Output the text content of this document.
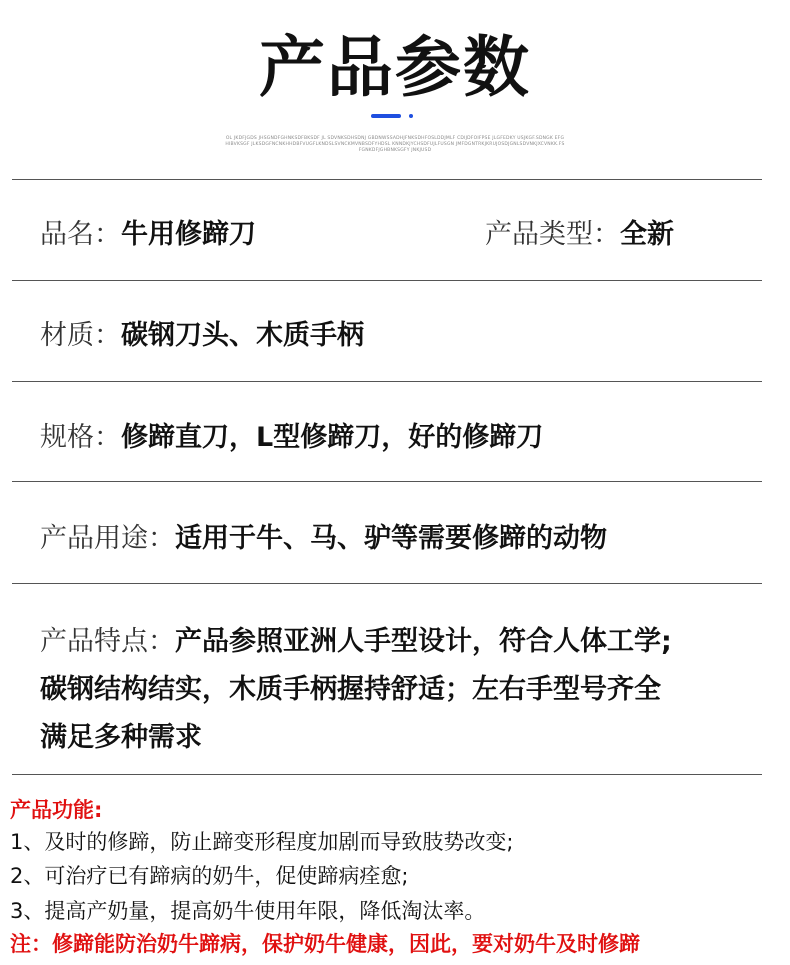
产品参数
OL JKDFJGDS JHSGNDFGHNKSDFBKSDF JL SDVNKSDHSDNJ GBDNWSSADHJFNKSDHFOSLDDJMLF CDIJDFOIFPSE JLGFEDKY USJKGF.SDNGK EFGHIBVKSGF JLKSDGFNCNKHHDBFVUGFLKNDSLSVNCKMVNBSDFYHDSL KNNDKJYCHSDFUJLFUSGN JMFDGNTRKJKRUJOSDJGNLSDVNKJXCVNKK.FSFGNKDFJGHBNKSGFY JNKJUSD
品名：牛用修蹄刀	产品类型：全新
材质：碳钢刀头、木质手柄
规格：修蹄直刀，L型修蹄刀，好的修蹄刀
产品用途：适用于牛、马、驴等需要修蹄的动物
产品特点：产品参照亚洲人手型设计，符合人体工学;
碳钢结构结实，木质手柄握持舒适；左右手型号齐全
满足多种需求
产品功能:
1、及时的修蹄，防止蹄变形程度加剧而导致肢势改变;
2、可治疗已有蹄病的奶牛，促使蹄病痊愈;
3、提高产奶量，提高奶牛使用年限，降低淘汰率。
注：修蹄能防治奶牛蹄病，保护奶牛健康，因此，要对奶牛及时修蹄
